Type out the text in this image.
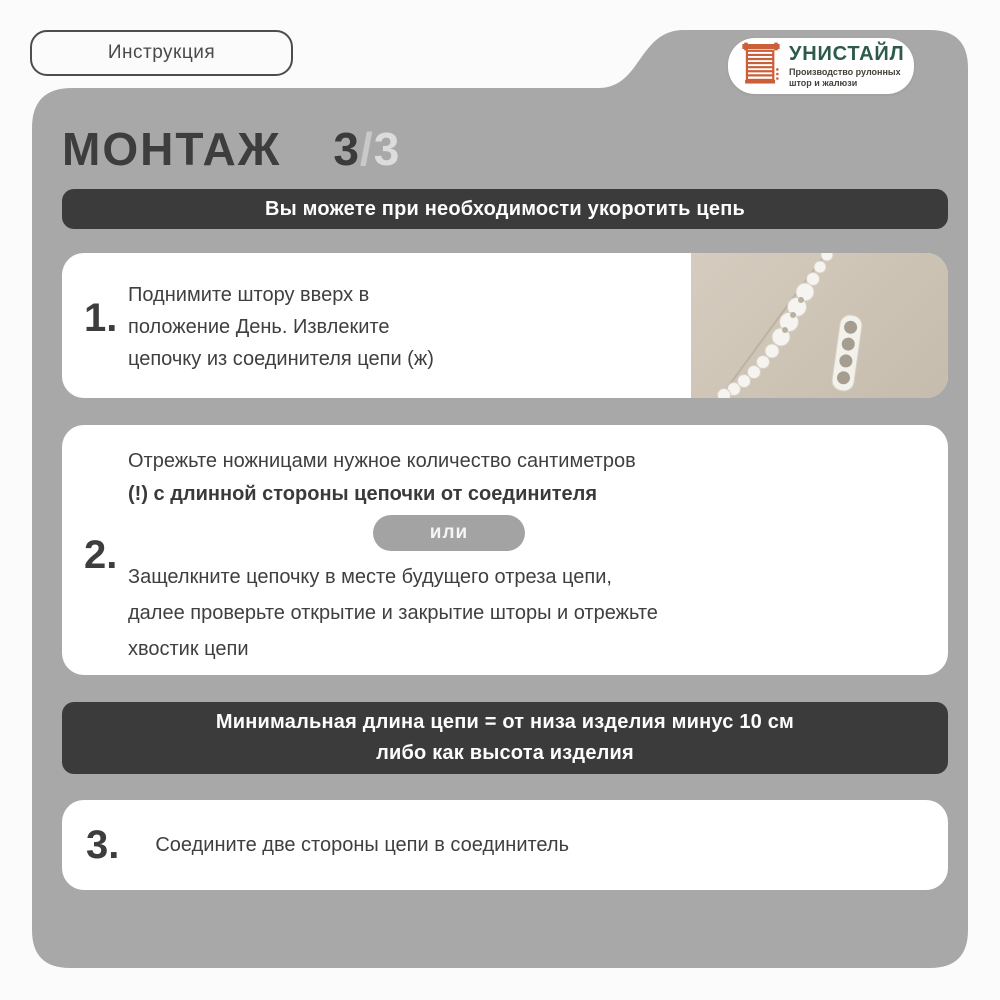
Инструкция	УНИСТАЙЛ
Производство рулонных
штор и жалюзи
МОНТАЖ 3/3
Вы можете при необходимости укоротить цепь
1.
Поднимите штору вверх в
положение День. Извлеките
цепочку из соединителя цепи (ж)
2.
Отрежьте ножницами нужное количество сантиметров
(!) с длинной стороны цепочки от соединителя
или
Защелкните цепочку в месте будущего отреза цепи,
далее проверьте открытие и закрытие шторы и отрежьте
хвостик цепи
Минимальная длина цепи = от низа изделия минус 10 см
либо как высота изделия
3. Соедините две стороны цепи в соединитель
